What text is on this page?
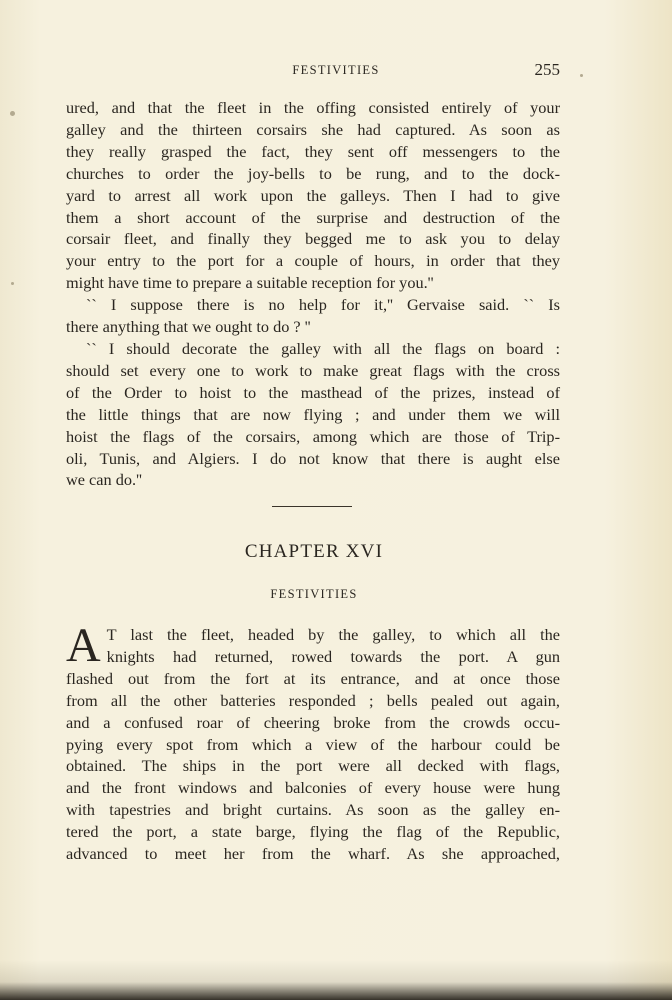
FESTIVITIES	255

ured, and that the fleet in the offing consisted entirely of your

galley and the thirteen corsairs she had captured. As soon as

they really grasped the fact, they sent off messengers to the

churches to order the joy-bells to be rung, and to the dock-

yard to arrest all work upon the galleys. Then I had to give

them a short account of the surprise and destruction of the

corsair fleet, and finally they begged me to ask you to delay

your entry to the port for a couple of hours, in order that they

might have time to prepare a suitable reception for you.''

`` I suppose there is no help for it,'' Gervaise said. `` Is

there anything that we ought to do ? ''

`` I should decorate the galley with all the flags on board :

should set every one to work to make great flags with the cross

of the Order to hoist to the masthead of the prizes, instead of

the little things that are now flying ; and under them we will

hoist the flags of the corsairs, among which are those of Trip-

oli, Tunis, and Algiers. I do not know that there is aught else

we can do.''

CHAPTER XVI
FESTIVITIES
A T last the fleet, headed by the galley, to which all the

knights had returned, rowed towards the port. A gun

flashed out from the fort at its entrance, and at once those

from all the other batteries responded ; bells pealed out again,

and a confused roar of cheering broke from the crowds occu-

pying every spot from which a view of the harbour could be

obtained. The ships in the port were all decked with flags,

and the front windows and balconies of every house were hung

with tapestries and bright curtains. As soon as the galley en-

tered the port, a state barge, flying the flag of the Republic,

advanced to meet her from the wharf. As she approached,
